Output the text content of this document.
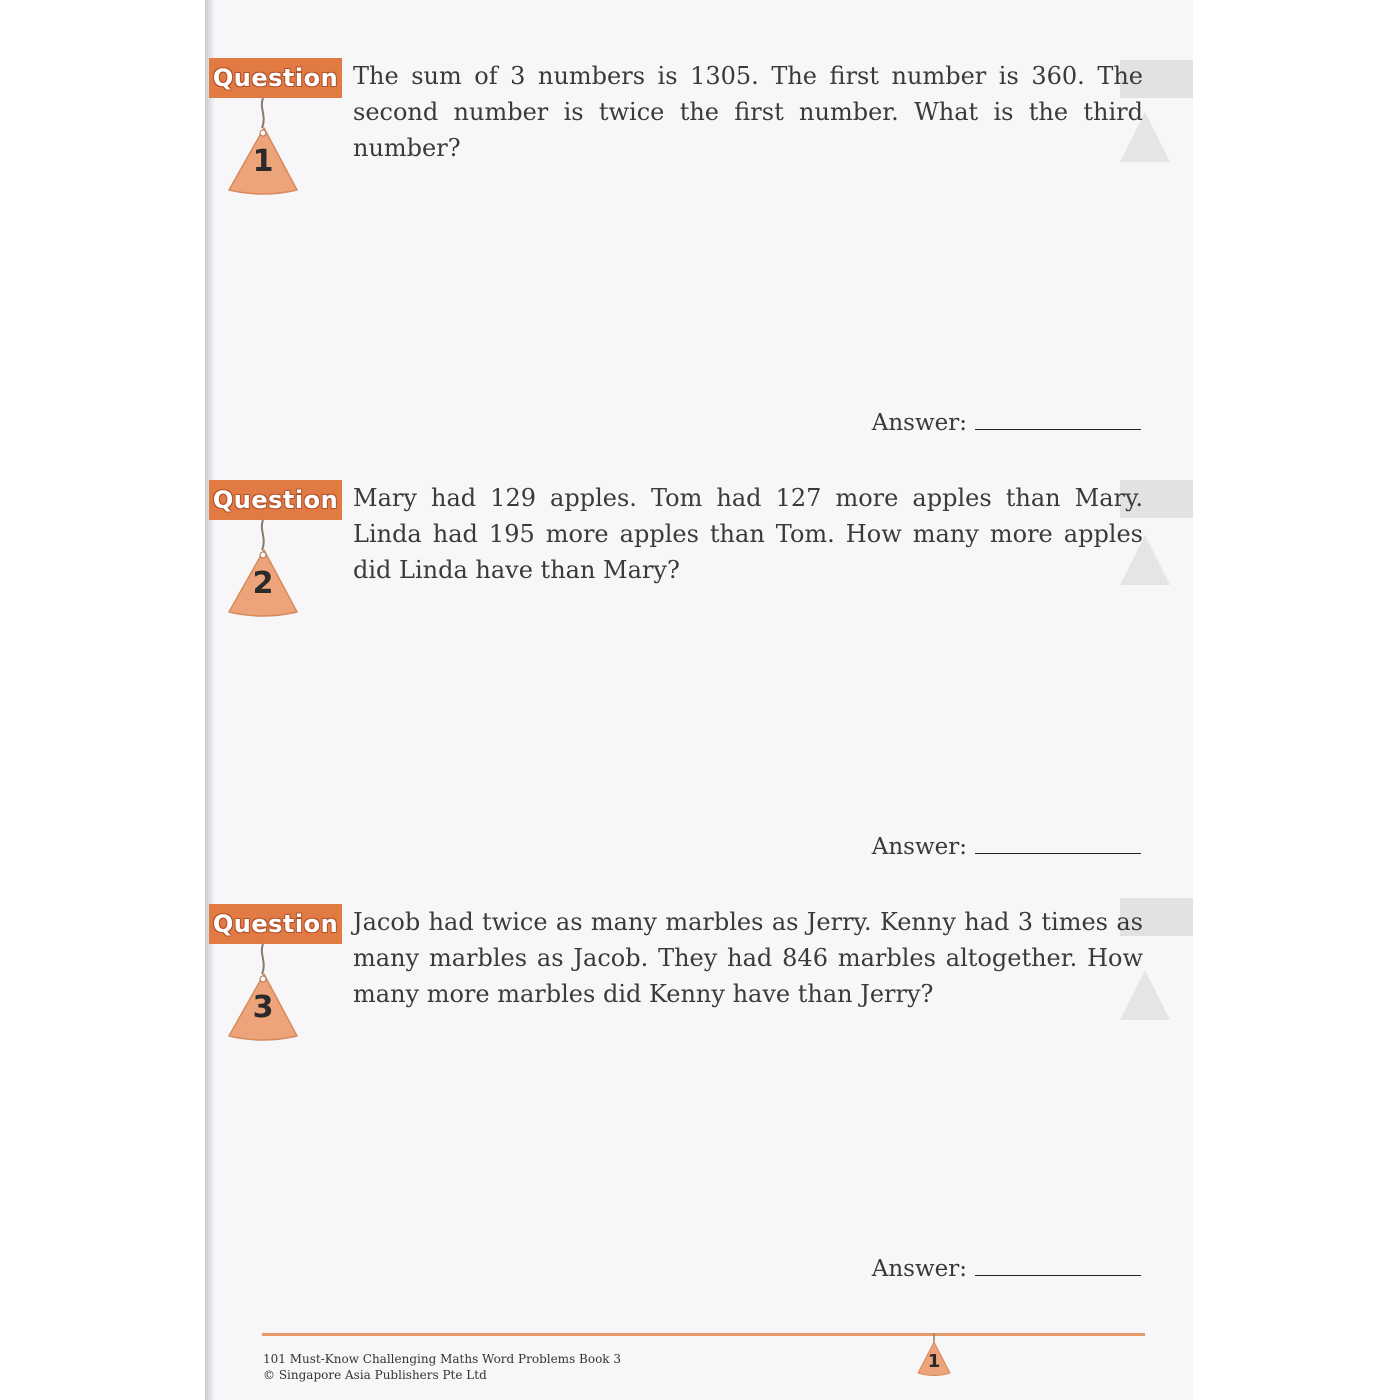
Question
1
The sum of 3 numbers is 1305. The first number is 360. The second number is twice the first number. What is the third number?
Answer:
Question
2
Mary had 129 apples. Tom had 127 more apples than Mary. Linda had 195 more apples than Tom. How many more apples did Linda have than Mary?
Answer:
Question
3
Jacob had twice as many marbles as Jerry. Kenny had 3 times as many marbles as Jacob. They had 846 marbles altogether. How many more marbles did Kenny have than Jerry?
Answer:
1
101 Must-Know Challenging Maths Word Problems Book 3
© Singapore Asia Publishers Pte Ltd
